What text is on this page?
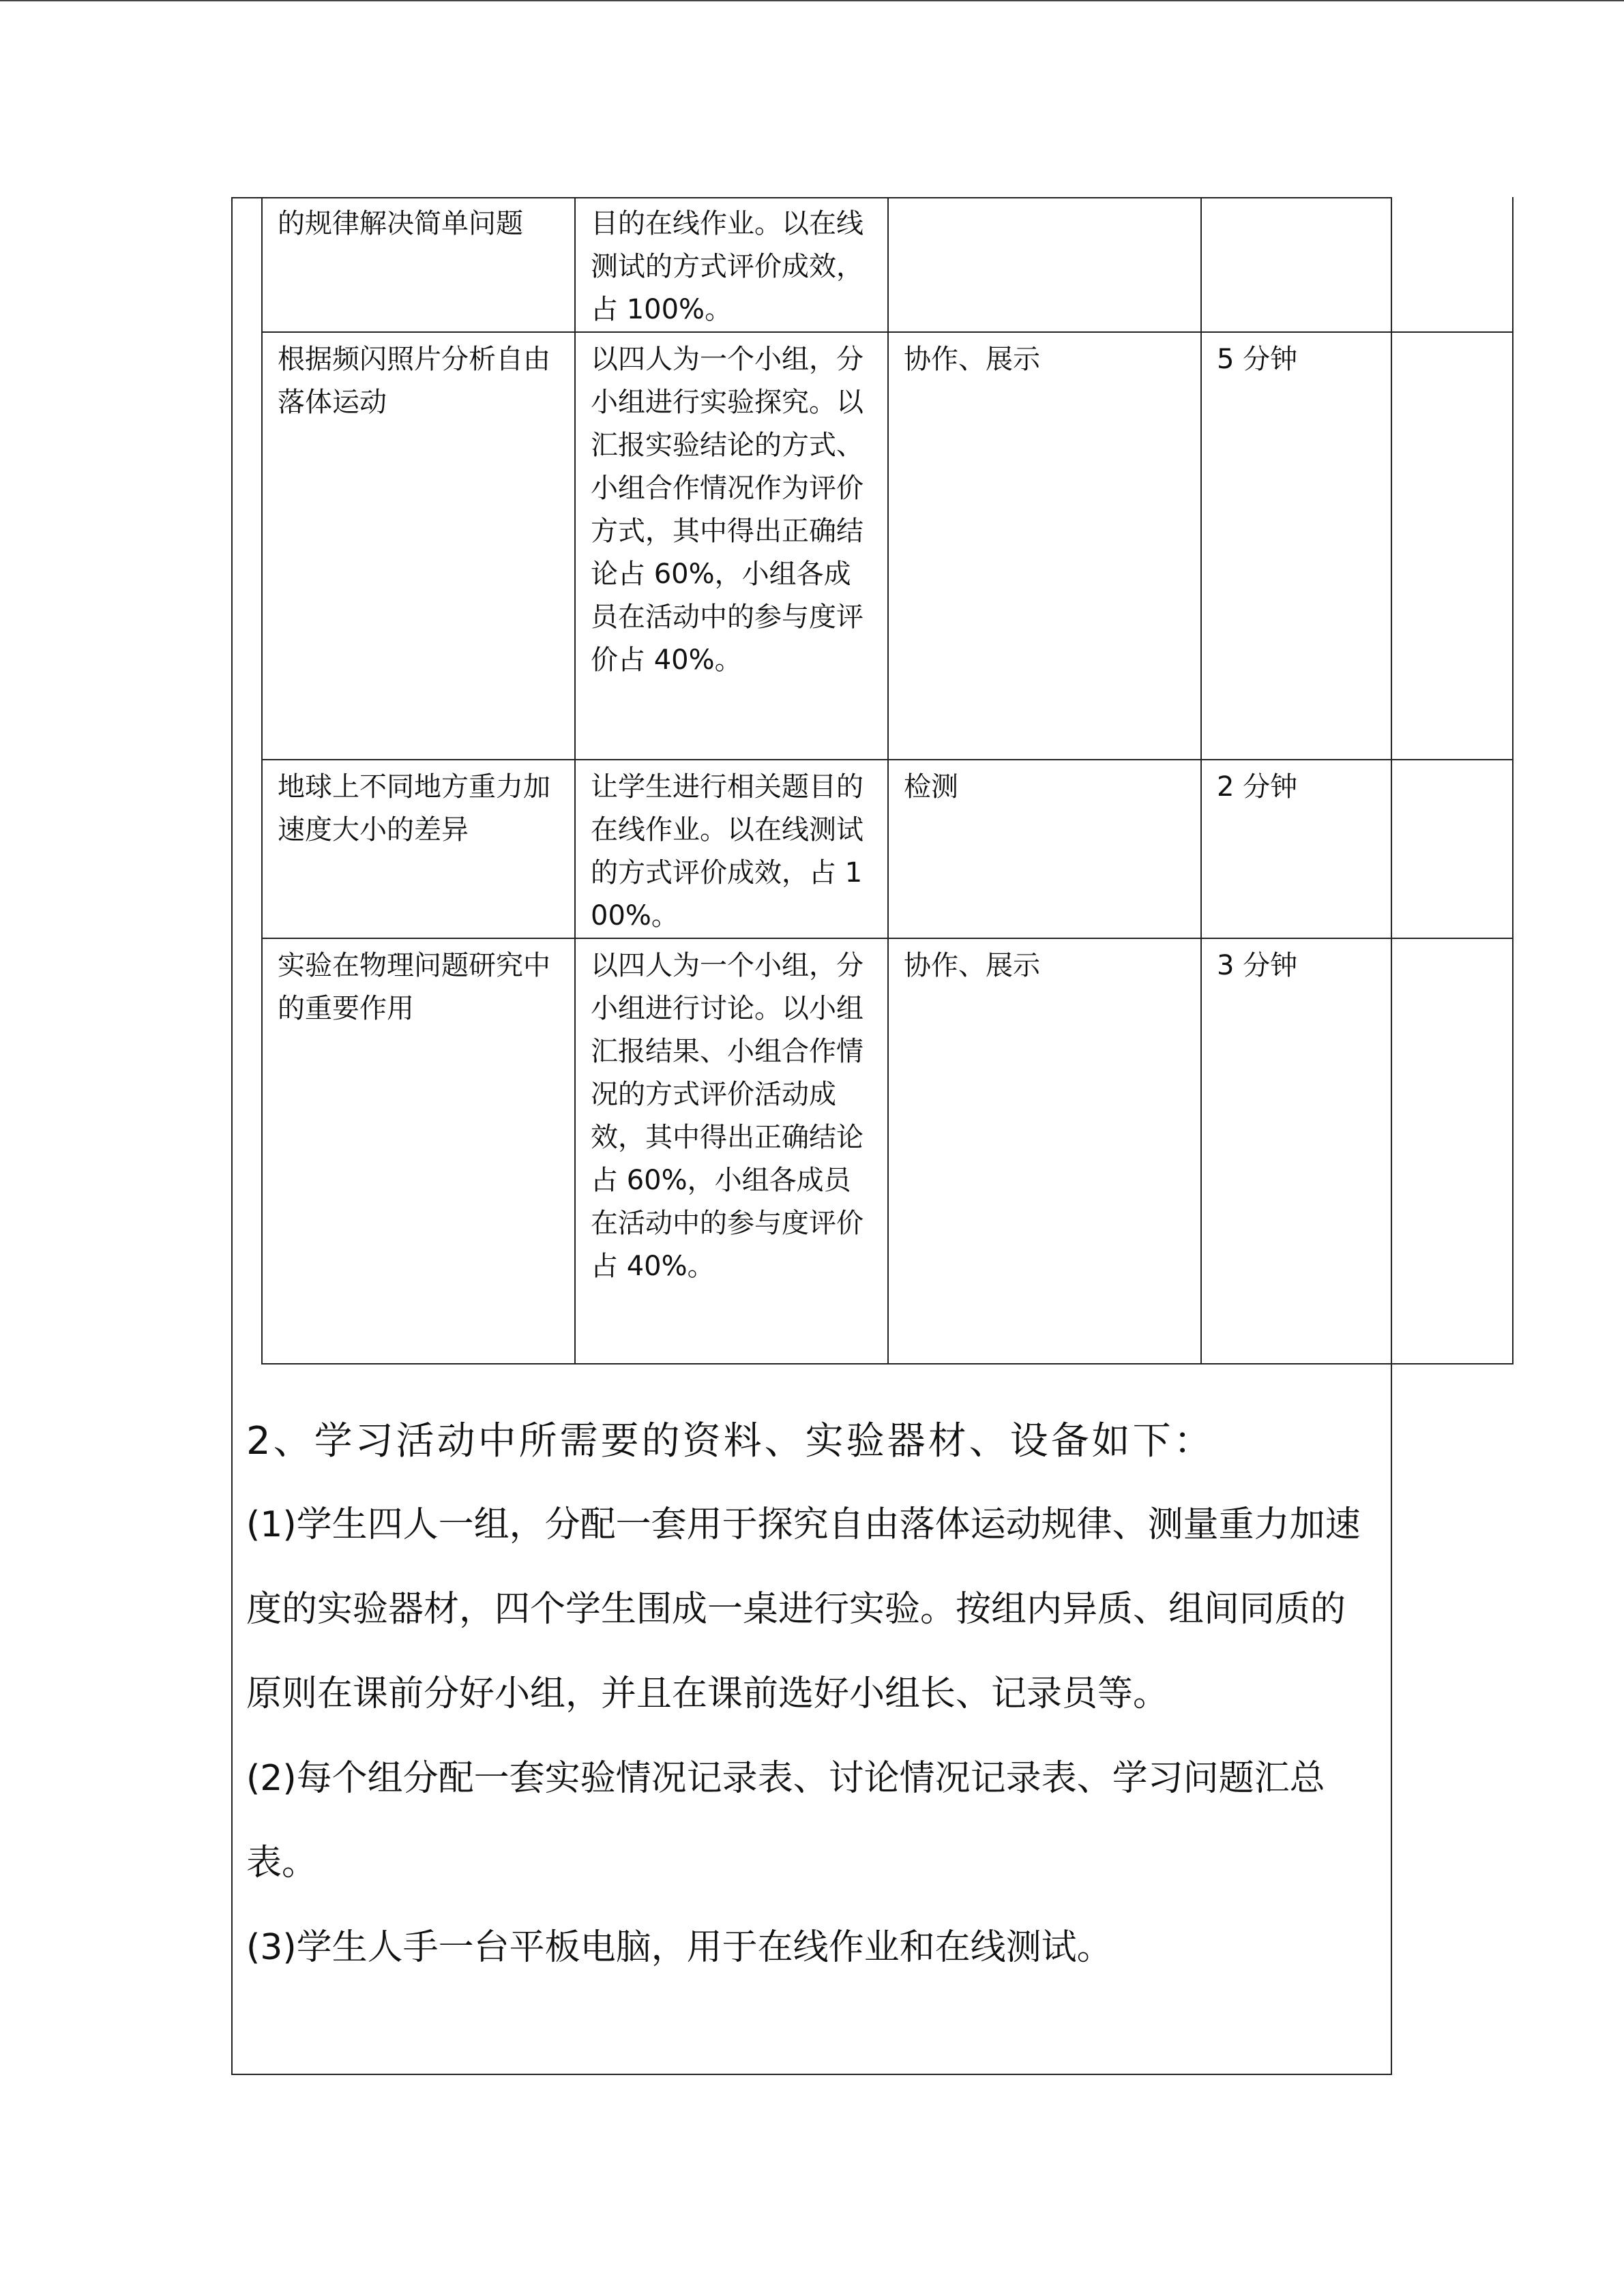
的规律解决简单问题	目的在线作业。以在线测试的方式评价成效，占 100%。		
根据频闪照片分析自由落体运动	以四人为一个小组，分小组进行实验探究。以汇报实验结论的方式、小组合作情况作为评价方式，其中得出正确结论占 60%，小组各成员在活动中的参与度评价占 40%。	协作、展示	5 分钟
地球上不同地方重力加速度大小的差异	让学生进行相关题目的在线作业。以在线测试的方式评价成效，占 100%。	检测	2 分钟
实验在物理问题研究中的重要作用	以四人为一个小组，分小组进行讨论。以小组汇报结果、小组合作情况的方式评价活动成效，其中得出正确结论占 60%，小组各成员在活动中的参与度评价占 40%。	协作、展示	3 分钟
2、学习活动中所需要的资料、实验器材、设备如下：

(1)学生四人一组，分配一套用于探究自由落体运动规律、测量重力加速度的实验器材，四个学生围成一桌进行实验。按组内异质、组间同质的原则在课前分好小组，并且在课前选好小组长、记录员等。

(2)每个组分配一套实验情况记录表、讨论情况记录表、学习问题汇总表。

(3)学生人手一台平板电脑，用于在线作业和在线测试。
